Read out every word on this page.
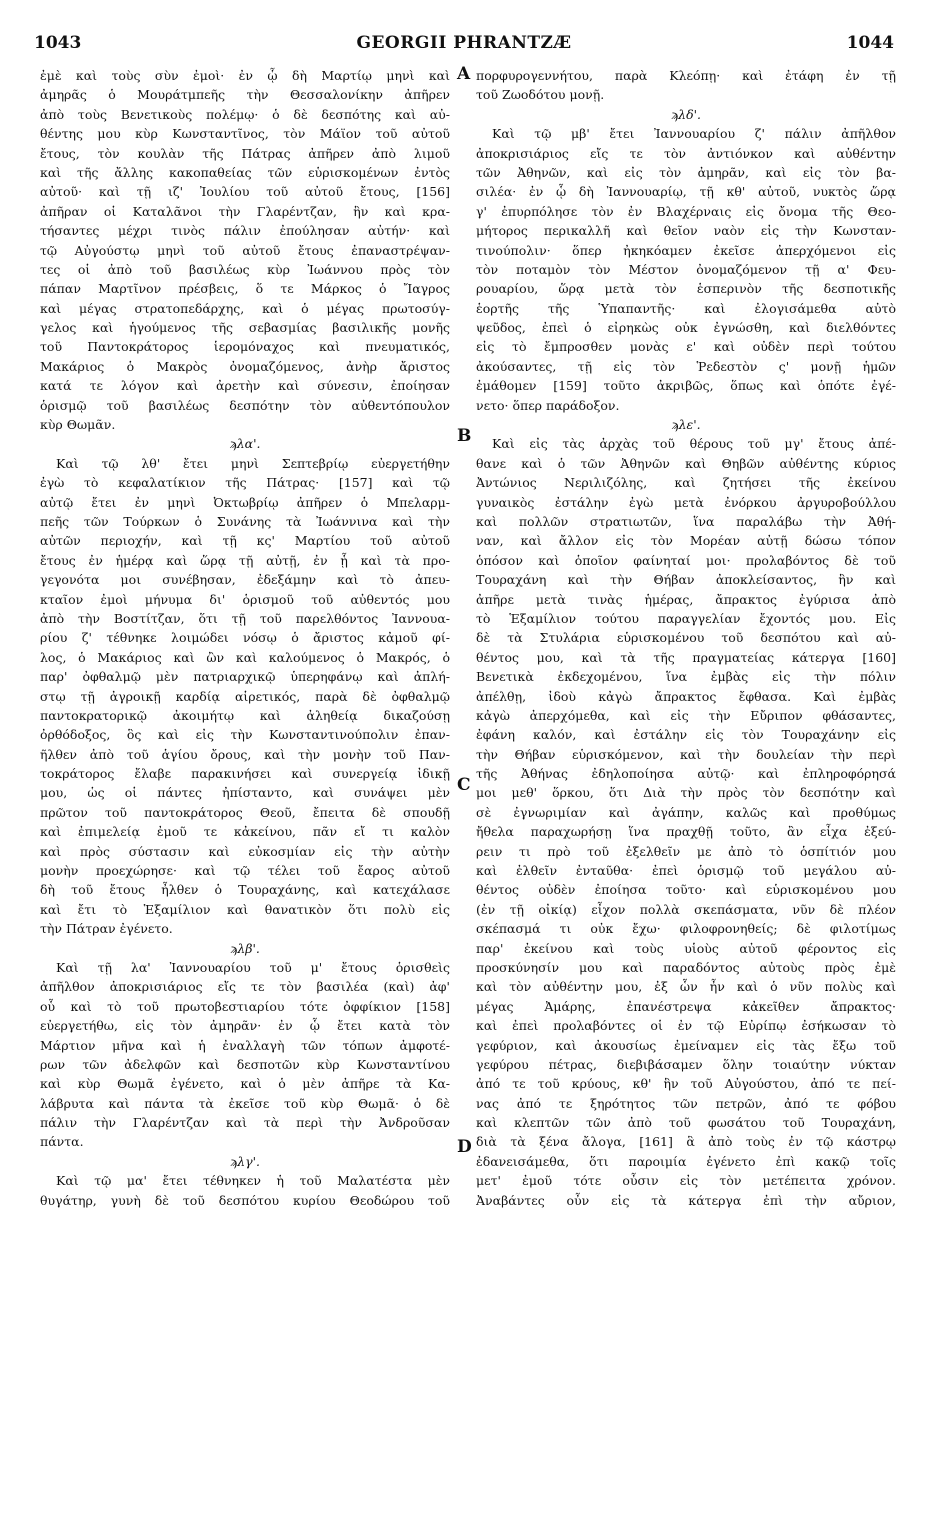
1043	GEORGII PHRANTZÆ	1044
ἐμὲ καὶ τοὺς σὺν ἐμοὶ· ἐν ᾧ δὴ Μαρτίῳ μηνὶ καὶ
ἀμηρᾶς ὁ Μουράτμπεῆς τὴν Θεσσαλονίκην ἀπῆρεν
ἀπὸ τοὺς Βενετικοὺς πολέμῳ· ὁ δὲ δεσπότης καὶ αὐ-
θέντης μου κὺρ Κωνσταντῖνος, τὸν Μάϊον τοῦ αὐτοῦ
ἔτους, τὸν κουλὰν τῆς Πάτρας ἀπῆρεν ἀπὸ λιμοῦ
καὶ τῆς ἄλλης κακοπαθείας τῶν εὑρισκομένων ἐντὸς
αὐτοῦ· καὶ τῇ ιζ' Ἰουλίου τοῦ αὐτοῦ ἔτους, [156]
ἀπῆραν οἱ Καταλᾶνοι τὴν Γλαρέντζαν, ἣν καὶ κρα-
τήσαντες μέχρι τινὸς πάλιν ἐπούλησαν αὐτήν· καὶ
τῷ Αὐγούστῳ μηνὶ τοῦ αὐτοῦ ἔτους ἐπαναστρέψαν-
τες οἱ ἀπὸ τοῦ βασιλέως κὺρ Ἰωάννου πρὸς τὸν
πάπαν Μαρτῖνον πρέσβεις, ὅ τε Μάρκος ὁ Ἴαγρος
καὶ μέγας στρατοπεδάρχης, καὶ ὁ μέγας πρωτοσύγ-
γελος καὶ ἡγούμενος τῆς σεβασμίας βασιλικῆς μονῆς
τοῦ Παντοκράτορος ἱερομόναχος καὶ πνευματικός,
Μακάριος ὁ Μακρὸς ὀνομαζόμενος, ἀνὴρ ἄριστος
κατά τε λόγον καὶ ἀρετὴν καὶ σύνεσιν, ἐποίησαν
ὁρισμῷ τοῦ βασιλέως δεσπότην τὸν αὐθεντόπουλον
κὺρ Θωμᾶν.
ϡλα'.
Καὶ τῷ λθ' ἔτει μηνὶ Σεπτεβρίῳ εὐεργετήθην
ἐγὼ τὸ κεφαλατίκιον τῆς Πάτρας· [157] καὶ τῷ
αὐτῷ ἔτει ἐν μηνὶ Ὀκτωβρίῳ ἀπῆρεν ὁ Μπελαρμ-
πεῆς τῶν Τούρκων ὁ Συνάνης τὰ Ἰωάννινα καὶ τὴν
αὐτῶν περιοχήν, καὶ τῇ κς' Μαρτίου τοῦ αὐτοῦ
ἔτους ἐν ἡμέρᾳ καὶ ὥρᾳ τῇ αὐτῇ, ἐν ᾗ καὶ τὰ προ-
γεγονότα μοι συνέβησαν, ἐδεξάμην καὶ τὸ ἀπευ-
κταῖον ἐμοὶ μήνυμα δι' ὁρισμοῦ τοῦ αὐθεντός μου
ἀπὸ τὴν Βοστίτζαν, ὅτι τῇ τοῦ παρελθόντος Ἰαννουα-
ρίου ζ' τέθνηκε λοιμώδει νόσῳ ὁ ἄριστος κἀμοῦ φί-
λος, ὁ Μακάριος καὶ ὢν καὶ καλούμενος ὁ Μακρός, ὁ
παρ' ὀφθαλμῷ μὲν πατριαρχικῷ ὑπερηφάνῳ καὶ ἀπλή-
στῳ τῇ ἀγροικῇ καρδίᾳ αἱρετικός, παρὰ δὲ ὀφθαλμῷ
παντοκρατορικῷ ἀκοιμήτῳ καὶ ἀληθείᾳ δικαζούσῃ
ὀρθόδοξος, ὃς καὶ εἰς τὴν Κωνσταντινούπολιν ἐπαν-
ῆλθεν ἀπὸ τοῦ ἁγίου ὄρους, καὶ τὴν μονὴν τοῦ Παν-
τοκράτορος ἔλαβε παρακινήσει καὶ συνεργείᾳ ἰδικῇ
μου, ὡς οἱ πάντες ἠπίσταντο, καὶ συνάψει μὲν
πρῶτον τοῦ παντοκράτορος Θεοῦ, ἔπειτα δὲ σπουδῇ
καὶ ἐπιμελείᾳ ἐμοῦ τε κἀκείνου, πᾶν εἴ τι καλὸν
καὶ πρὸς σύστασιν καὶ εὐκοσμίαν εἰς τὴν αὐτὴν
μονὴν προεχώρησε· καὶ τῷ τέλει τοῦ ἔαρος αὐτοῦ
δὴ τοῦ ἔτους ἦλθεν ὁ Τουραχάνης, καὶ κατεχάλασε
καὶ ἔτι τὸ Ἑξαμίλιον καὶ θανατικὸν ὅτι πολὺ εἰς
τὴν Πάτραν ἐγένετο.
ϡλβ'.
Καὶ τῇ λα' Ἰαννουαρίου τοῦ μ' ἔτους ὁρισθεὶς
ἀπῆλθον ἀποκρισιάριος εἴς τε τὸν βασιλέα (καὶ) ἀφ'
οὗ καὶ τὸ τοῦ πρωτοβεστιαρίου τότε ὀφφίκιον [158]
εὐεργετήθω, εἰς τὸν ἀμηρᾶν· ἐν ᾧ ἔτει κατὰ τὸν
Μάρτιον μῆνα καὶ ἡ ἐναλλαγὴ τῶν τόπων ἀμφοτέ-
ρων τῶν ἀδελφῶν καὶ δεσποτῶν κὺρ Κωνσταντίνου
καὶ κὺρ Θωμᾶ ἐγένετο, καὶ ὁ μὲν ἀπῆρε τὰ Κα-
λάβρυτα καὶ πάντα τὰ ἐκεῖσε τοῦ κὺρ Θωμᾶ· ὁ δὲ
πάλιν τὴν Γλαρέντζαν καὶ τὰ περὶ τὴν Ἀνδροῦσαν
πάντα.
ϡλγ'.
Καὶ τῷ μα' ἔτει τέθνηκεν ἡ τοῦ Μαλατέστα μὲν
θυγάτηρ, γυνὴ δὲ τοῦ δεσπότου κυρίου Θεοδώρου τοῦ
πορφυρογεννήτου, παρὰ Κλεόπῃ· καὶ ἐτάφη ἐν τῇ
τοῦ Ζωοδότου μονῇ.
ϡλδ'.
Καὶ τῷ μβ' ἔτει Ἰαννουαρίου ζ' πάλιν ἀπῆλθον
ἀποκρισιάριος εἴς τε τὸν ἀντιόνκον καὶ αὐθέντην
τῶν Ἀθηνῶν, καὶ εἰς τὸν ἀμηρᾶν, καὶ εἰς τὸν βα-
σιλέα· ἐν ᾧ δὴ Ἰαννουαρίῳ, τῇ κθ' αὐτοῦ, νυκτὸς ὥρᾳ
γ' ἐπυρπόλησε τὸν ἐν Βλαχέρναις εἰς ὄνομα τῆς Θεο-
μήτορος περικαλλῆ καὶ θεῖον ναὸν εἰς τὴν Κωνσταν-
τινούπολιν· ὅπερ ἠκηκόαμεν ἐκεῖσε ἀπερχόμενοι εἰς
τὸν ποταμὸν τὸν Μέστον ὀνομαζόμενον τῇ α' Φευ-
ρουαρίου, ὥρᾳ μετὰ τὸν ἑσπερινὸν τῆς δεσποτικῆς
ἑορτῆς τῆς Ὑπαπαντῆς· καὶ ἐλογισάμεθα αὐτὸ
ψεῦδος, ἐπεὶ ὁ εἰρηκὼς οὐκ ἐγνώσθη, καὶ διελθόντες
εἰς τὸ ἔμπροσθεν μονὰς ε' καὶ οὐδὲν περὶ τούτου
ἀκούσαντες, τῇ εἰς τὸν Ῥεδεστὸν ς' μονῇ ἡμῶν
ἐμάθομεν [159] τοῦτο ἀκριβῶς, ὅπως καὶ ὁπότε ἐγέ-
νετο· ὅπερ παράδοξον.
ϡλε'.
Καὶ εἰς τὰς ἀρχὰς τοῦ θέρους τοῦ μγ' ἔτους ἀπέ-
θανε καὶ ὁ τῶν Ἀθηνῶν καὶ Θηβῶν αὐθέντης κύριος
Ἀντώνιος Νεριλιζόλης, καὶ ζητήσει τῆς ἐκείνου
γυναικὸς ἐστάλην ἐγὼ μετὰ ἐνόρκου ἀργυροβούλλου
καὶ πολλῶν στρατιωτῶν, ἵνα παραλάβω τὴν Ἀθή-
ναν, καὶ ἄλλον εἰς τὸν Μορέαν αὐτῇ δώσω τόπον
ὁπόσον καὶ ὁποῖον φαίνηταί μοι· προλαβόντος δὲ τοῦ
Τουραχάνη καὶ τὴν Θήβαν ἀποκλείσαντος, ἣν καὶ
ἀπῆρε μετὰ τινὰς ἡμέρας, ἄπρακτος ἐγύρισα ἀπὸ
τὸ Ἑξαμίλιον τούτου παραγγελίαν ἔχοντός μου. Εἰς
δὲ τὰ Στυλάρια εὑρισκομένου τοῦ δεσπότου καὶ αὐ-
θέντος μου, καὶ τὰ τῆς πραγματείας κάτεργα [160]
Βενετικὰ ἐκδεχομένου, ἵνα ἐμβὰς εἰς τὴν πόλιν
ἀπέλθῃ, ἰδοὺ κἀγὼ ἄπρακτος ἔφθασα. Καὶ ἐμβὰς
κἀγὼ ἀπερχόμεθα, καὶ εἰς τὴν Εὔριπον φθάσαντες,
ἐφάνη καλόν, καὶ ἐστάλην εἰς τὸν Τουραχάνην εἰς
τὴν Θήβαν εὑρισκόμενον, καὶ τὴν δουλείαν τὴν περὶ
τῆς Ἀθήνας ἐδηλοποίησα αὐτῷ· καὶ ἐπληροφόρησά
μοι μεθ' ὅρκου, ὅτι Διὰ τὴν πρὸς τὸν δεσπότην καὶ
σὲ ἐγνωριμίαν καὶ ἀγάπην, καλῶς καὶ προθύμως
ἤθελα παραχωρήσῃ ἵνα πραχθῇ τοῦτο, ἂν εἶχα ἐξεύ-
ρειν τι πρὸ τοῦ ἐξελθεῖν με ἀπὸ τὸ ὁσπίτιόν μου
καὶ ἐλθεῖν ἐνταῦθα· ἐπεὶ ὁρισμῷ τοῦ μεγάλου αὐ-
θέντος οὐδὲν ἐποίησα τοῦτο· καὶ εὑρισκομένου μου
(ἐν τῇ οἰκίᾳ) εἶχον πολλὰ σκεπάσματα, νῦν δὲ πλέον
σκέπασμά τι οὐκ ἔχω· φιλοφρονηθείς; δὲ φιλοτίμως
παρ' ἐκείνου καὶ τοὺς υἱοὺς αὐτοῦ φέροντος εἰς
προσκύνησίν μου καὶ παραδόντος αὐτοὺς πρὸς ἐμὲ
καὶ τὸν αὐθέντην μου, ἐξ ὧν ἦν καὶ ὁ νῦν πολὺς καὶ
μέγας Ἀμάρης, ἐπανέστρεψα κἀκεῖθεν ἄπρακτος·
καὶ ἐπεὶ προλαβόντες οἱ ἐν τῷ Εὐρίπῳ ἐσήκωσαν τὸ
γεφύριον, καὶ ἀκουσίως ἐμείναμεν εἰς τὰς ἔξω τοῦ
γεφύρου πέτρας, διεβιβάσαμεν ὅλην τοιαύτην νύκταν
ἀπό τε τοῦ κρύους, κθ' ἣν τοῦ Αὐγούστου, ἀπό τε πεί-
νας ἀπό τε ξηρότητος τῶν πετρῶν, ἀπό τε φόβου
καὶ κλεπτῶν τῶν ἀπὸ τοῦ φωσάτου τοῦ Τουραχάνη,
διὰ τὰ ξένα ἄλογα, [161] ἃ ἀπὸ τοὺς ἐν τῷ κάστρῳ
ἐδανεισάμεθα, ὅτι παροιμία ἐγένετο ἐπὶ κακῷ τοῖς
μετ' ἐμοῦ τότε οὖσιν εἰς τὸν μετέπειτα χρόνον.
Ἀναβάντες οὖν εἰς τὰ κάτεργα ἐπὶ τὴν αὔριον,
A
B
C
D
